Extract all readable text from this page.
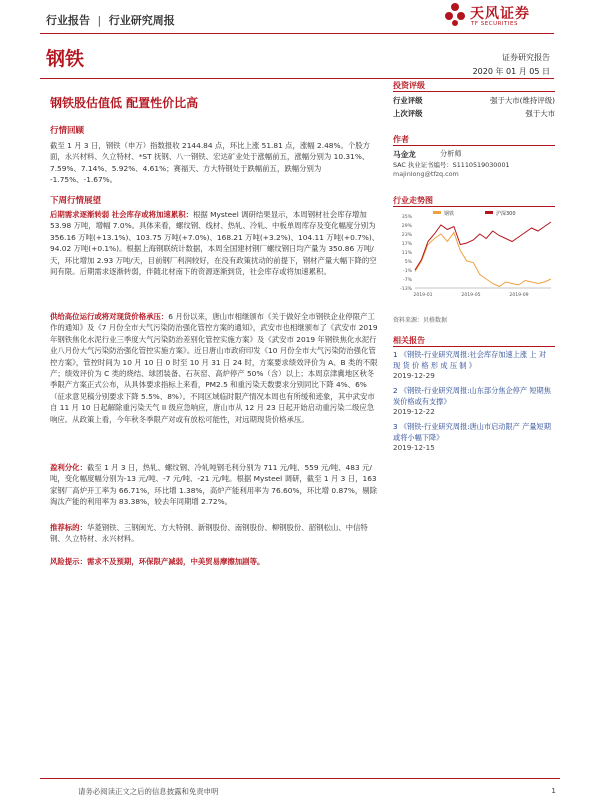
行业报告 | 行业研究周报	天风证券
TF SECURITIES
钢铁	证券研究报告
2020 年 01 月 05 日
钢铁股估值低 配置性价比高
行情回顾
截至 1 月 3 日，钢铁（申万）指数报收 2144.84 点，环比上涨 51.81 点，涨幅 2.48%。个股方面，永兴材料、久立特材、*ST 抚钢、八一钢铁、宏达矿业处于涨幅前五，涨幅分别为 10.31%、7.59%、7.14%、5.92%、4.61%；赛福天、方大特钢处于跌幅前五，跌幅分别为 -1.75%、-1.67%。
下周行情展望
后期需求逐渐转弱 社会库存或将加速累积：根据 Mysteel 调研结果显示，本周钢材社会库存增加 53.98 万吨，增幅 7.0%。具体来看，螺纹钢、线材、热轧、冷轧、中板单周库存及变化幅度分别为 356.16 万吨(+13.1%)、103.75 万吨(+7.0%)、168.21 万吨(+3.2%)、104.11 万吨(+0.7%)、94.02 万吨(+0.1%)。根据上海钢联统计数据，本周全国建材钢厂螺纹钢日均产量为 350.86 万吨/天，环比增加 2.93 万吨/天，目前钢厂利润较好，在没有政策扰动的前提下，钢材产量大幅下降的空间有限。后期需求逐渐转弱，伴随北材南下的资源逐渐到货，社会库存或将加速累积。
供给高位运行或将对现货价格承压：6 月份以来，唐山市相继颁布《关于做好全市钢铁企业停限产工作的通知》及《7 月份全市大气污染防治强化管控方案的通知》，武安市也相继颁布了《武安市 2019 年钢铁焦化水泥行业三季度大气污染防治差别化管控实施方案》及《武安市 2019 年钢铁焦化水泥行业八月份大气污染防治强化管控实施方案》。近日唐山市政府印发《10 月份全市大气污染防治强化管控方案》，管控时间为 10 月 10 日 0 时至 10 月 31 日 24 时，方案要求绩效评价为 A、B 类的不限产；绩效评价为 C 类的烧结、球团装备、石灰窑、高炉停产 50%（含）以上；本周京津冀地区秋冬季限产方案正式公布，从具体要求指标上来看，PM2.5 和重污染天数要求分别同比下降 4%、6%（征求意见稿分别要求下降 5.5%、8%）。不同区域临时限产情况本周也有所缓和迹象，其中武安市自 11 月 10 日起解除重污染天气 II 级应急响应，唐山市从 12 月 23 日起开始启动重污染二级应急响应。从政策上看，今年秋冬季限产对或有放松可能性，对远期现货价格承压。
盈利分化：截至 1 月 3 日，热轧、螺纹钢、冷轧吨钢毛利分别为 711 元/吨、559 元/吨、483 元/吨，变化幅度幅分别为-13 元/吨、-7 元/吨、-21 元/吨。根据 Mysteel 调研，截至 1 月 3 日，163 家钢厂高炉开工率为 66.71%，环比增 1.38%，高炉产能利用率为 76.60%，环比增 0.87%，剔除淘汰产能的利用率为 83.38%，较去年同期增 2.72%。
推荐标的：华菱钢铁、三钢闽光、方大特钢、新钢股份、南钢股份、柳钢股份、韶钢松山、中信特钢、久立特材、永兴材料。
风险提示：需求不及预期，环保限产减弱，中美贸易摩擦加剧等。
投资评级
行业评级	强于大市(维持评级)
上次评级	强于大市
作者
马金龙	分析师
SAC 执业证书编号：S1110519030001
majinlong@tfzq.com
行业走势图
35%
29%
23%
17%
11%
5%
-1%
-7%
-13%
2019-01	2019-05	2019-09
钢铁	沪深300
资料来源：贝格数据
相关报告
1 《钢铁-行业研究周报:社会库存加速上涨 上 对 现 货 价 格 形 成 压 制 》
2019-12-29
2 《钢铁-行业研究周报:山东部分焦企停产 短期焦炭价格或有支撑》
2019-12-22
3 《钢铁-行业研究周报:唐山市启动限产 产量短期或将小幅下降》
2019-12-15
请务必阅读正文之后的信息披露和免责申明	1
